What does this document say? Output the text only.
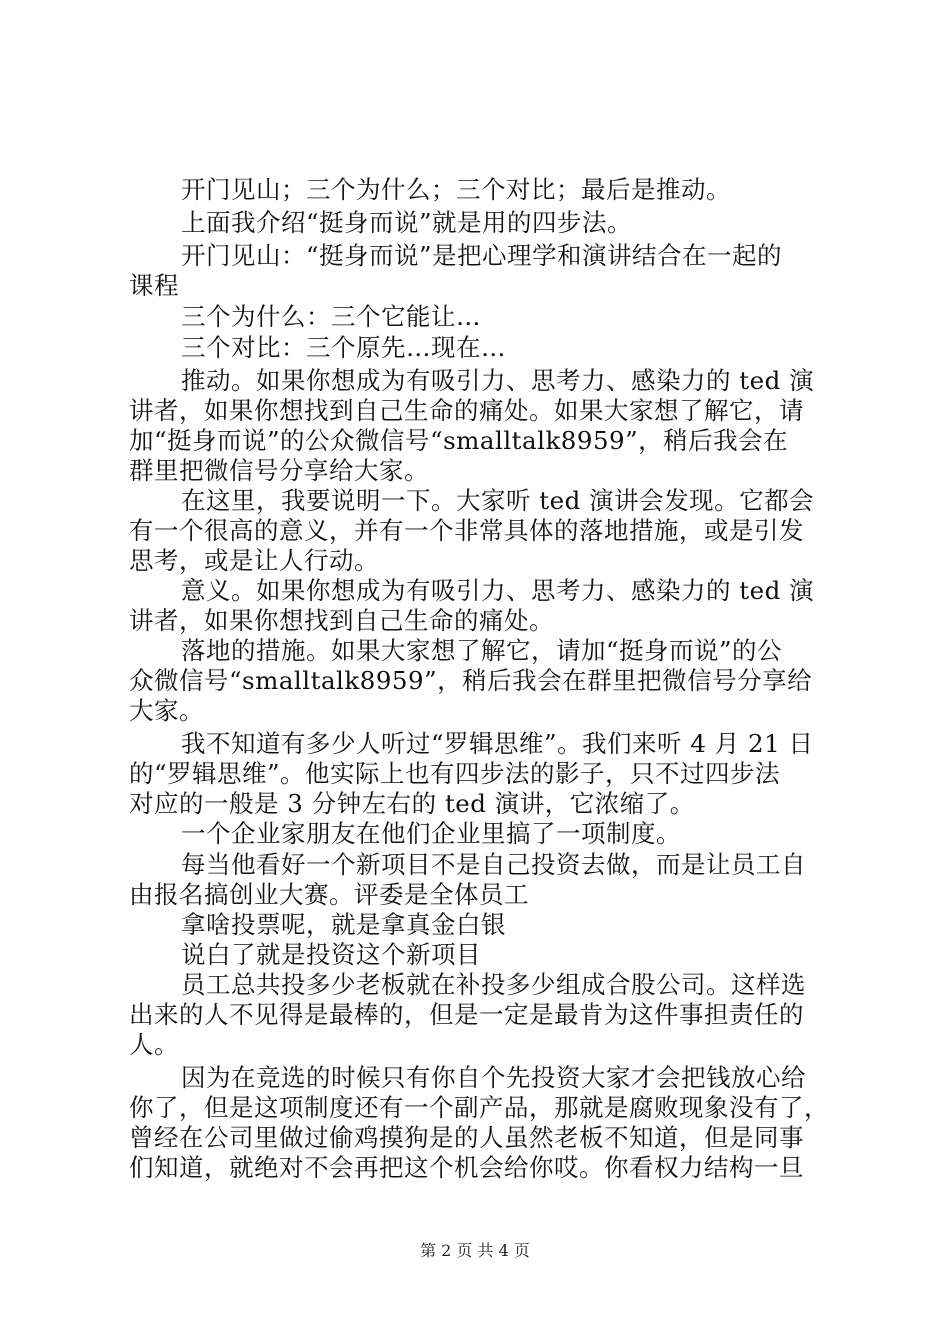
开门见山；三个为什么；三个对比；最后是推动。
上面我介绍“挺身而说”就是用的四步法。
开门见山：“挺身而说”是把心理学和演讲结合在一起的
课程
三个为什么：三个它能让…
三个对比：三个原先…现在…
推动。如果你想成为有吸引力、思考力、感染力的 ted 演
讲者，如果你想找到自己生命的痛处。如果大家想了解它，请
加“挺身而说”的公众微信号“smalltalk8959”，稍后我会在
群里把微信号分享给大家。
在这里，我要说明一下。大家听 ted 演讲会发现。它都会
有一个很高的意义，并有一个非常具体的落地措施，或是引发
思考，或是让人行动。
意义。如果你想成为有吸引力、思考力、感染力的 ted 演
讲者，如果你想找到自己生命的痛处。
落地的措施。如果大家想了解它，请加“挺身而说”的公
众微信号“smalltalk8959”，稍后我会在群里把微信号分享给
大家。
我不知道有多少人听过“罗辑思维”。我们来听 4 月 21 日
的“罗辑思维”。他实际上也有四步法的影子，只不过四步法
对应的一般是 3 分钟左右的 ted 演讲，它浓缩了。
一个企业家朋友在他们企业里搞了一项制度。
每当他看好一个新项目不是自己投资去做，而是让员工自
由报名搞创业大赛。评委是全体员工
拿啥投票呢，就是拿真金白银
说白了就是投资这个新项目
员工总共投多少老板就在补投多少组成合股公司。这样选
出来的人不见得是最棒的，但是一定是最肯为这件事担责任的
人。
因为在竞选的时候只有你自个先投资大家才会把钱放心给
你了，但是这项制度还有一个副产品，那就是腐败现象没有了，
曾经在公司里做过偷鸡摸狗是的人虽然老板不知道，但是同事
们知道，就绝对不会再把这个机会给你哎。你看权力结构一旦
第 2 页 共 4 页
